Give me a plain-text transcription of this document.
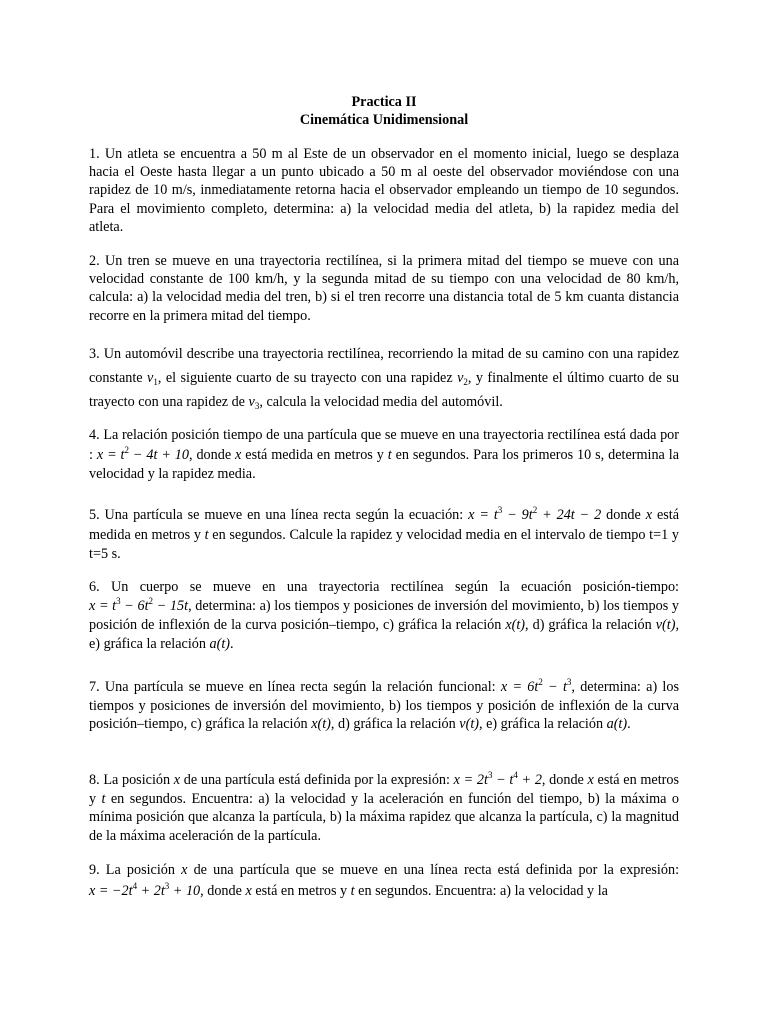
Practica II
Cinemática Unidimensional
1. Un atleta se encuentra a 50 m al Este de un observador en el momento inicial, luego se desplaza hacia el Oeste hasta llegar a un punto ubicado a 50 m al oeste del observador moviéndose con una rapidez de 10 m/s, inmediatamente retorna hacia el observador empleando un tiempo de 10 segundos. Para el movimiento completo, determina: a) la velocidad media del atleta, b) la rapidez media del atleta.
2. Un tren se mueve en una trayectoria rectilínea, si la primera mitad del tiempo se mueve con una velocidad constante de 100 km/h, y la segunda mitad de su tiempo con una velocidad de 80 km/h, calcula: a) la velocidad media del tren, b) si el tren recorre una distancia total de 5 km cuanta distancia recorre en la primera mitad del tiempo.
3. Un automóvil describe una trayectoria rectilínea, recorriendo la mitad de su camino con una rapidez constante $v_1$, el siguiente cuarto de su trayecto con una rapidez $v_2$, y finalmente el último cuarto de su trayecto con una rapidez de $v_3$, calcula la velocidad media del automóvil.
4. La relación posición tiempo de una partícula que se mueve en una trayectoria rectilínea está dada por : $x = t^2 - 4t + 10$, donde x está medida en metros y t en segundos. Para los primeros 10 s, determina la velocidad y la rapidez media.
5. Una partícula se mueve en una línea recta según la ecuación: $x = t^3 - 9t^2 + 24t - 2$ donde x está medida en metros y t en segundos. Calcule la rapidez y velocidad media en el intervalo de tiempo t=1 y t=5 s.
6. Un cuerpo se mueve en una trayectoria rectilínea según la ecuación posición-tiempo: $x = t^3 - 6t^2 - 15t$, determina: a) los tiempos y posiciones de inversión del movimiento, b) los tiempos y posición de inflexión de la curva posición–tiempo, c) gráfica la relación x(t), d) gráfica la relación v(t), e) gráfica la relación a(t).
7. Una partícula se mueve en línea recta según la relación funcional: $x = 6t^2 - t^3$, determina: a) los tiempos y posiciones de inversión del movimiento, b) los tiempos y posición de inflexión de la curva posición–tiempo, c) gráfica la relación x(t), d) gráfica la relación v(t), e) gráfica la relación a(t).
8. La posición x de una partícula está definida por la expresión: $x = 2t^3 - t^4 + 2$, donde x está en metros y t en segundos. Encuentra: a) la velocidad y la aceleración en función del tiempo, b) la máxima o mínima posición que alcanza la partícula, b) la máxima rapidez que alcanza la partícula, c) la magnitud de la máxima aceleración de la partícula.
9. La posición x de una partícula que se mueve en una línea recta está definida por la expresión: $x = -2t^4 + 2t^3 + 10$, donde x está en metros y t en segundos. Encuentra: a) la velocidad y la
